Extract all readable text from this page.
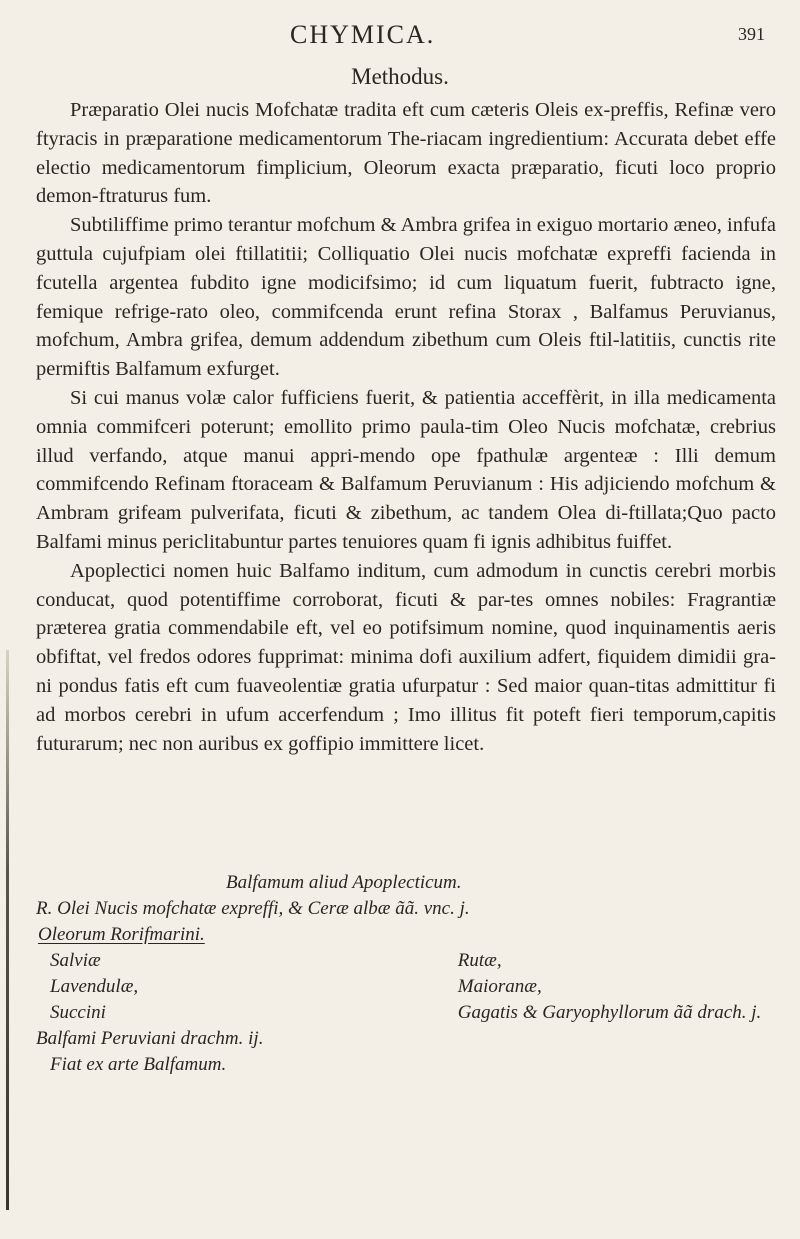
CHYMICA.	391
Methodus.

Præparatio Olei nucis Mofchatæ tradita eft cum cæteris Oleis ex-preffis, Refinæ vero ftyracis in præparatione medicamentorum The-riacam ingredientium: Accurata debet effe electio medicamentorum fimplicium, Oleorum exacta præparatio, ficuti loco proprio demon-ftraturus fum.

Subtiliffime primo terantur mofchum & Ambra grifea in exiguo mortario æneo, infufa guttula cujufpiam olei ftillatitii; Colliquatio Olei nucis mofchatæ expreffi facienda in fcutella argentea fubdito igne modicifsimo; id cum liquatum fuerit, fubtracto igne, femique refrige-rato oleo, commifcenda erunt refina Storax , Balfamus Peruvianus, mofchum, Ambra grifea, demum addendum zibethum cum Oleis ftil-latitiis, cunctis rite permiftis Balfamum exfurget.

Si cui manus volæ calor fufficiens fuerit, & patientia acceffèrit, in illa medicamenta omnia commifceri poterunt; emollito primo paula-tim Oleo Nucis mofchatæ, crebrius illud verfando, atque manui appri-mendo ope fpathulæ argenteæ : Illi demum commifcendo Refinam ftoraceam & Balfamum Peruvianum : His adjiciendo mofchum & Ambram grifeam pulverifata, ficuti & zibethum, ac tandem Olea di-ftillata;Quo pacto Balfami minus periclitabuntur partes tenuiores quam fi ignis adhibitus fuiffet.

Apoplectici nomen huic Balfamo inditum, cum admodum in cunctis cerebri morbis conducat, quod potentiffime corroborat, ficuti & par-tes omnes nobiles: Fragrantiæ præterea gratia commendabile eft, vel eo potifsimum nomine, quod inquinamentis aeris obfiftat, vel fredos odores fupprimat: minima dofi auxilium adfert, fiquidem dimidii gra-ni pondus fatis eft cum fuaveolentiæ gratia ufurpatur : Sed maior quan-titas admittitur fi ad morbos cerebri in ufum accerfendum ; Imo illitus fit poteft fieri temporum,capitis futurarum; nec non auribus ex goffipio immittere licet.

Balfamum aliud Apoplecticum.
R. Olei Nucis mofchatæ expreffi, & Ceræ albæ ãã. vnc. j.
Oleorum Rorifmarini.
Salviæ
Lavendulæ,
Succini
Rutæ,
Maioranæ,
Gagatis & Garyophyllorum ãã drach. j.
Balfami Peruviani drachm. ij.
Fiat ex arte Balfamum.
